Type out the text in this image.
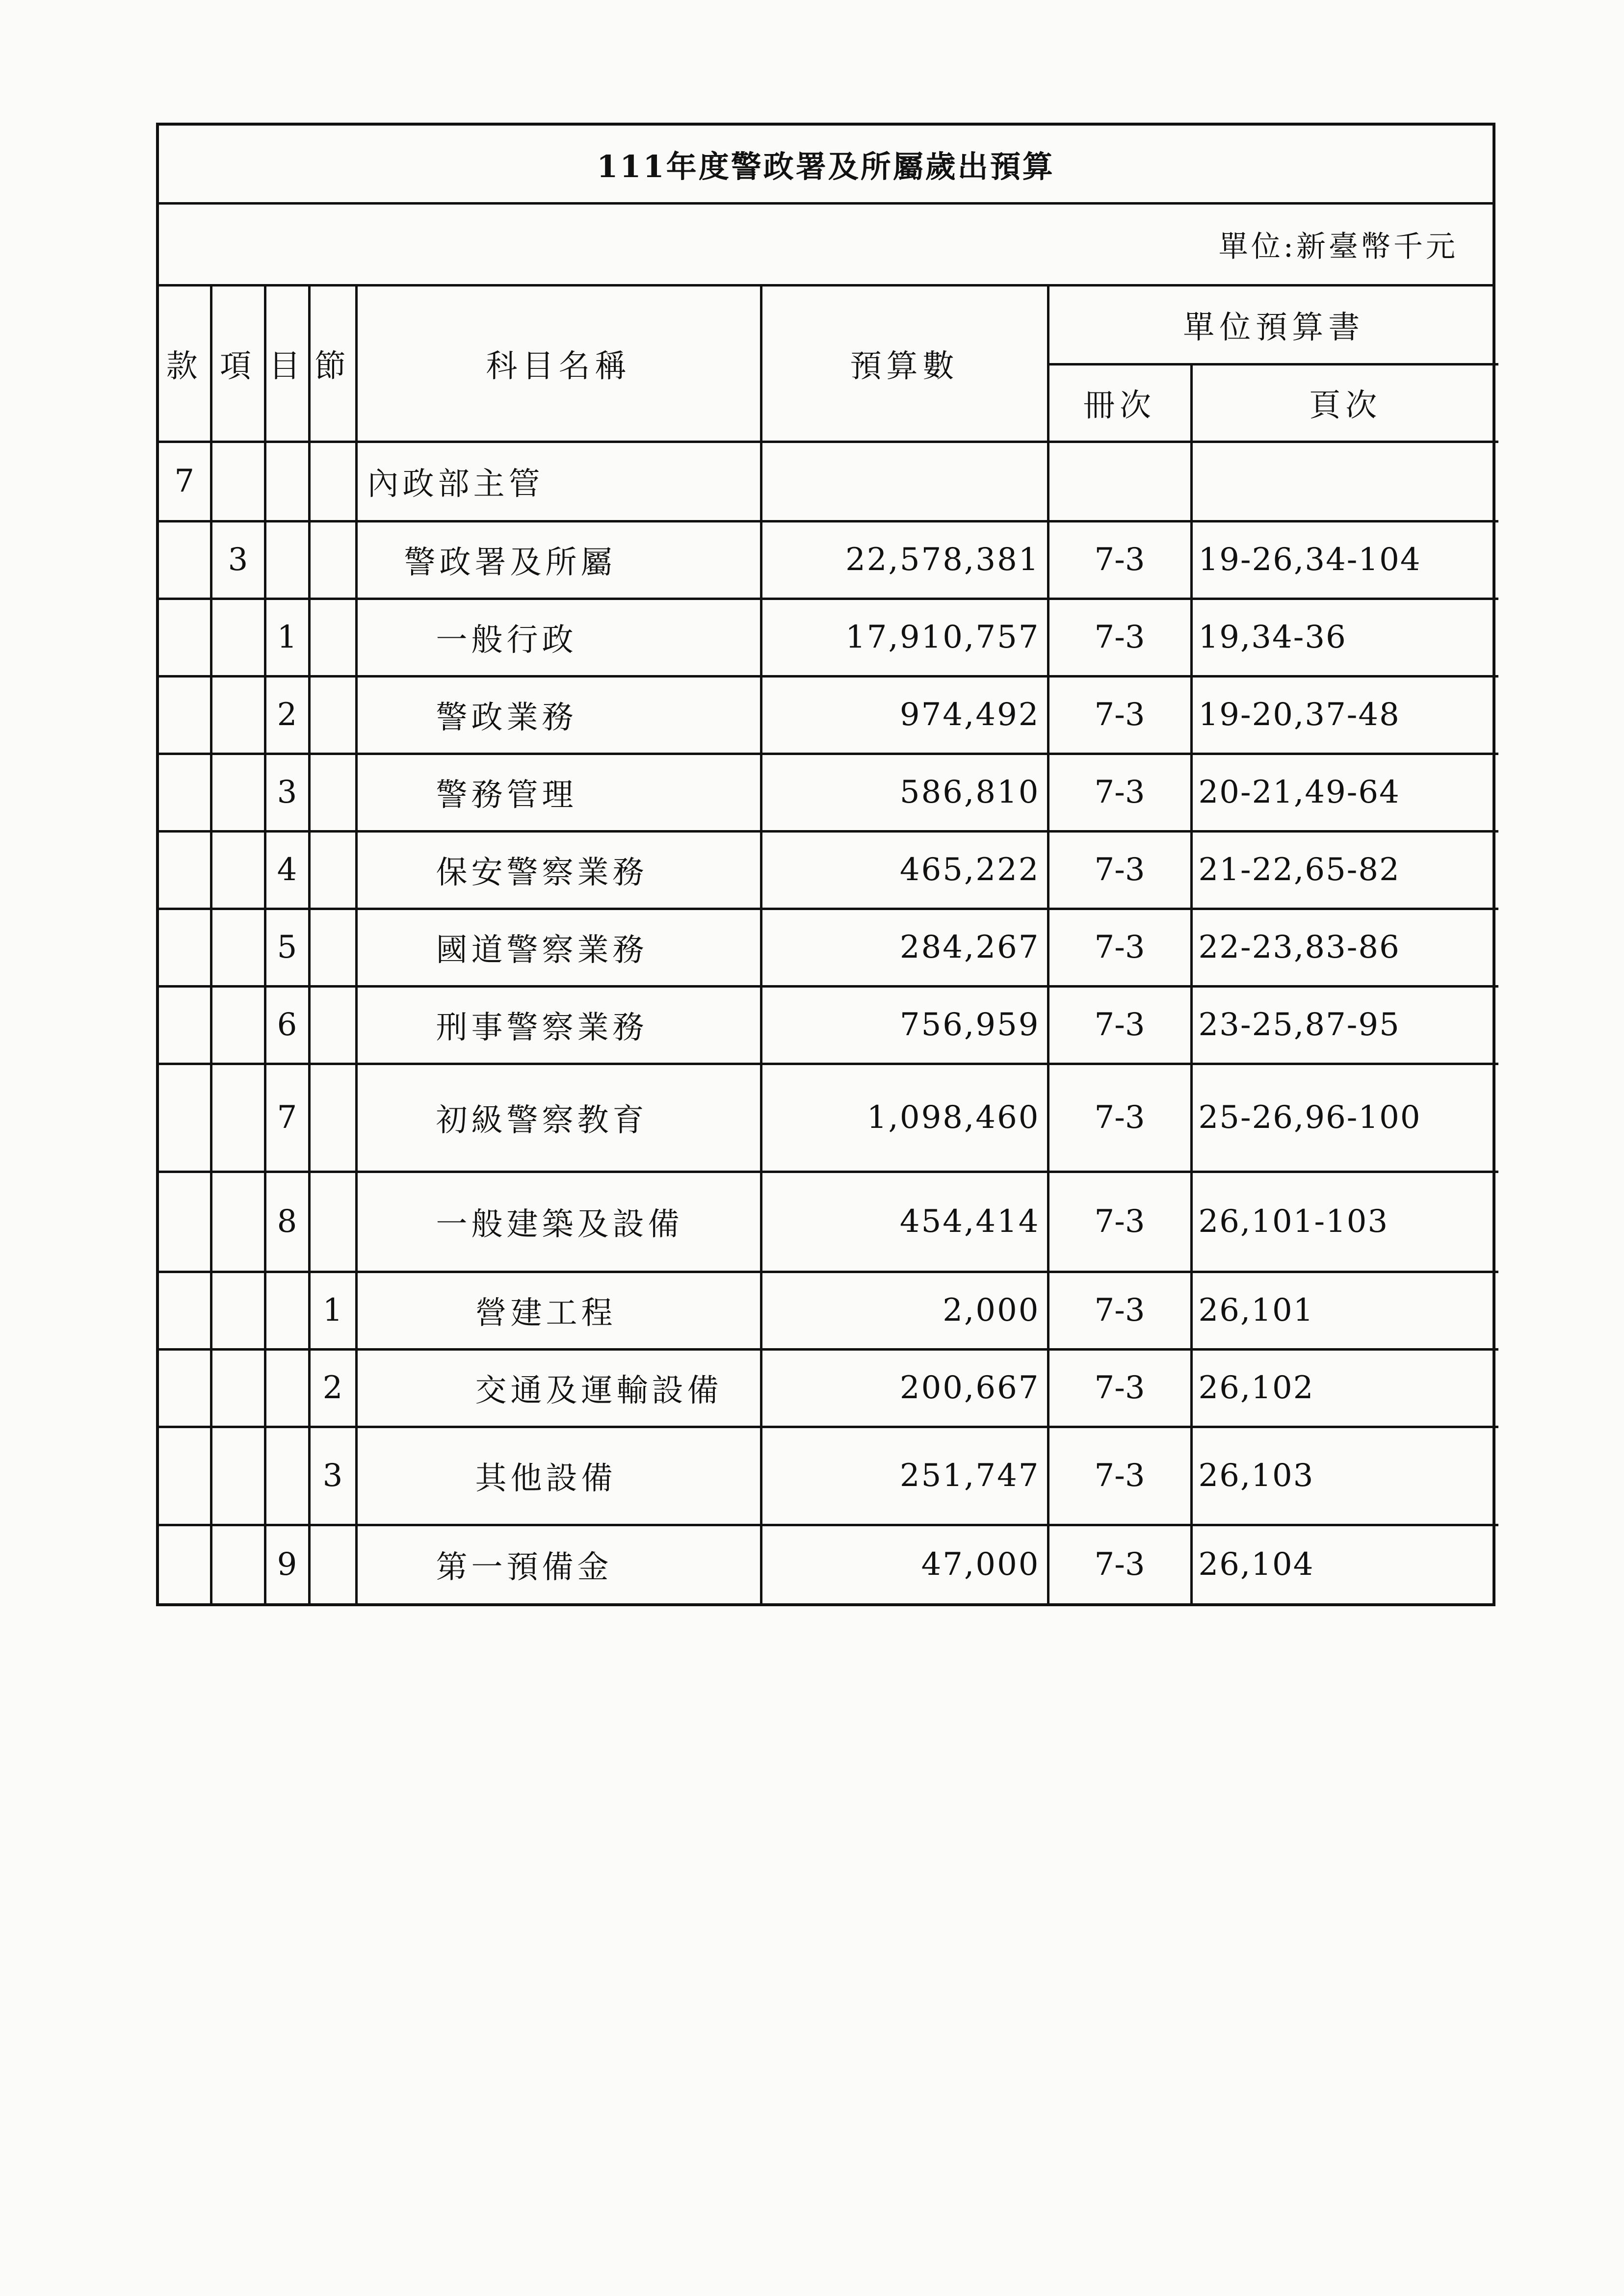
111年度警政署及所屬歲出預算
單位:新臺幣千元
款	項	目	節	科目名稱	預算數	單位預算書	
						冊次	頁次
7				內政部主管			
	3			警政署及所屬	22,578,381	7-3	19-26,34-104
		1		一般行政	17,910,757	7-3	19,34-36
		2		警政業務	974,492	7-3	19-20,37-48
		3		警務管理	586,810	7-3	20-21,49-64
		4		保安警察業務	465,222	7-3	21-22,65-82
		5		國道警察業務	284,267	7-3	22-23,83-86
		6		刑事警察業務	756,959	7-3	23-25,87-95
		7		初級警察教育	1,098,460	7-3	25-26,96-100
		8		一般建築及設備	454,414	7-3	26,101-103
			1	營建工程	2,000	7-3	26,101
			2	交通及運輸設備	200,667	7-3	26,102
			3	其他設備	251,747	7-3	26,103
		9		第一預備金	47,000	7-3	26,104
